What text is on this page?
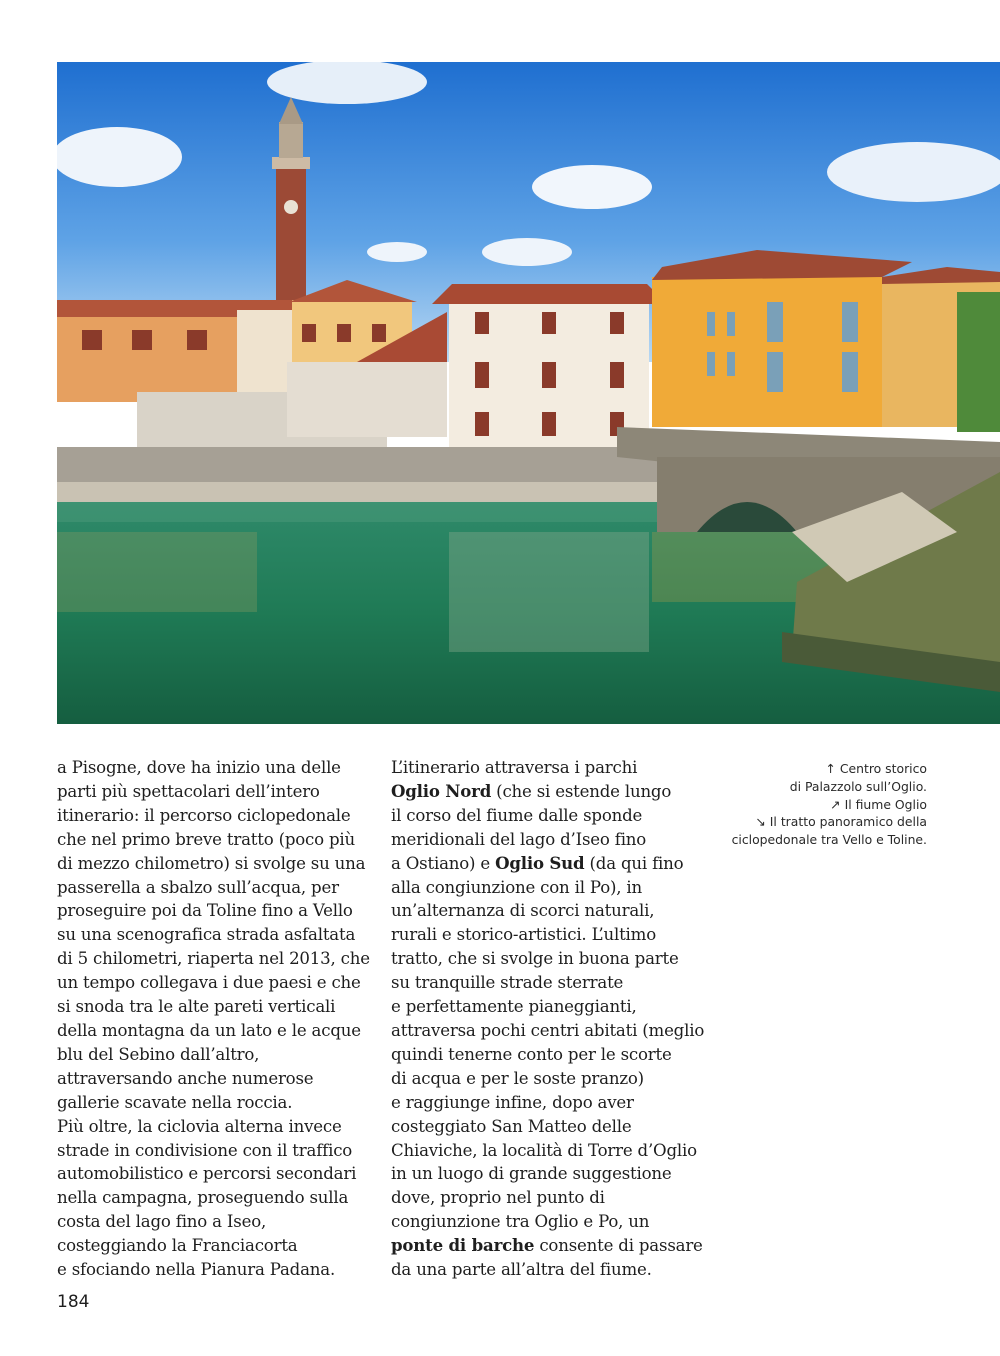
a Pisogne, dove ha inizio una delle
parti più spettacolari dell’intero
itinerario: il percorso ciclopedonale
che nel primo breve tratto (poco più
di mezzo chilometro) si svolge su una
passerella a sbalzo sull’acqua, per
proseguire poi da Toline fino a Vello
su una scenografica strada asfaltata
di 5 chilometri, riaperta nel 2013, che
un tempo collegava i due paesi e che
si snoda tra le alte pareti verticali
della montagna da un lato e le acque
blu del Sebino dall’altro,
attraversando anche numerose
gallerie scavate nella roccia.
Più oltre, la ciclovia alterna invece
strade in condivisione con il traffico
automobilistico e percorsi secondari
nella campagna, proseguendo sulla
costa del lago fino a Iseo,
costeggiando la Franciacorta
e sfociando nella Pianura Padana.
L’itinerario attraversa i parchi
Oglio Nord (che si estende lungo
il corso del fiume dalle sponde
meridionali del lago d’Iseo fino
a Ostiano) e Oglio Sud (da qui fino
alla congiunzione con il Po), in
un’alternanza di scorci naturali,
rurali e storico-artistici. L’ultimo
tratto, che si svolge in buona parte
su tranquille strade sterrate
e perfettamente pianeggianti,
attraversa pochi centri abitati (meglio
quindi tenerne conto per le scorte
di acqua e per le soste pranzo)
e raggiunge infine, dopo aver
costeggiato San Matteo delle
Chiaviche, la località di Torre d’Oglio
in un luogo di grande suggestione
dove, proprio nel punto di
congiunzione tra Oglio e Po, un
ponte di barche consente di passare
da una parte all’altra del fiume.
↑ Centro storico
di Palazzolo sull’Oglio.
↗ Il fiume Oglio
↘ Il tratto panoramico della
ciclopedonale tra Vello e Toline.
184
